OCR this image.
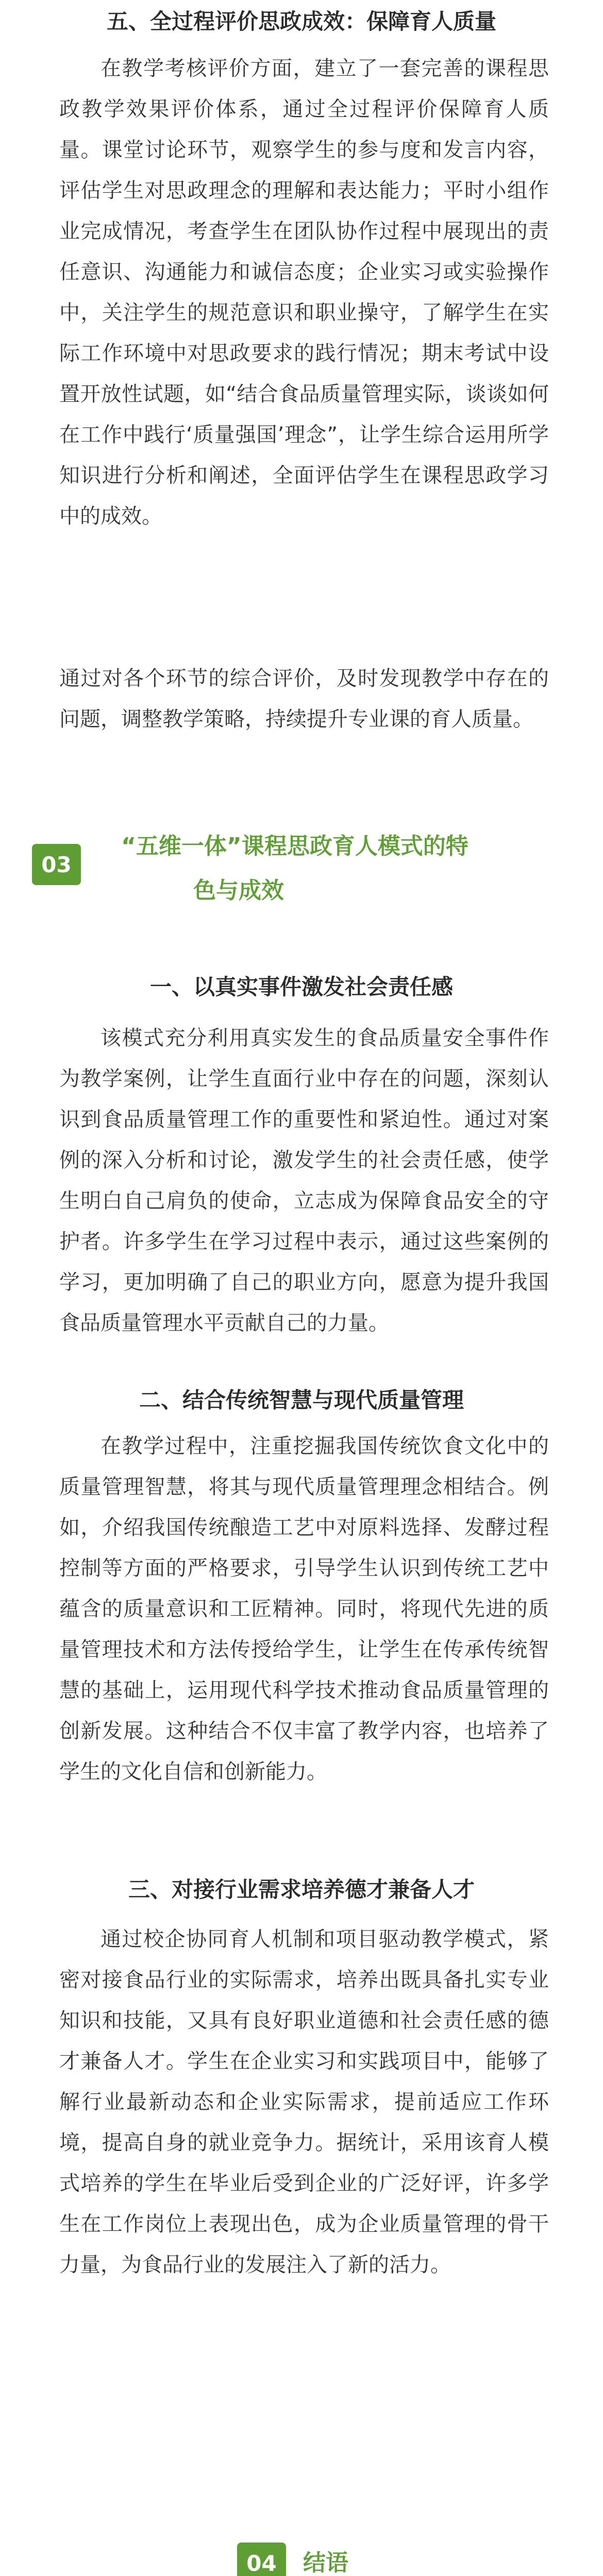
五、全过程评价思政成效：保障育人质量

在教学考核评价方面，建立了一套完善的课程思政教学效果评价体系，通过全过程评价保障育人质量。课堂讨论环节，观察学生的参与度和发言内容，评估学生对思政理念的理解和表达能力；平时小组作业完成情况，考查学生在团队协作过程中展现出的责任意识、沟通能力和诚信态度；企业实习或实验操作中，关注学生的规范意识和职业操守，了解学生在实际工作环境中对思政要求的践行情况；期末考试中设置开放性试题，如“结合食品质量管理实际，谈谈如何在工作中践行‘质量强国’理念”，让学生综合运用所学知识进行分析和阐述，全面评估学生在课程思政学习中的成效。

通过对各个环节的综合评价，及时发现教学中存在的问题，调整教学策略，持续提升专业课的育人质量。

03
“五维一体”课程思政育人模式的特
色与成效
一、以真实事件激发社会责任感

该模式充分利用真实发生的食品质量安全事件作为教学案例，让学生直面行业中存在的问题，深刻认识到食品质量管理工作的重要性和紧迫性。通过对案例的深入分析和讨论，激发学生的社会责任感，使学生明白自己肩负的使命，立志成为保障食品安全的守护者。许多学生在学习过程中表示，通过这些案例的学习，更加明确了自己的职业方向，愿意为提升我国食品质量管理水平贡献自己的力量。

二、结合传统智慧与现代质量管理

在教学过程中，注重挖掘我国传统饮食文化中的质量管理智慧，将其与现代质量管理理念相结合。例如，介绍我国传统酿造工艺中对原料选择、发酵过程控制等方面的严格要求，引导学生认识到传统工艺中蕴含的质量意识和工匠精神。同时，将现代先进的质量管理技术和方法传授给学生，让学生在传承传统智慧的基础上，运用现代科学技术推动食品质量管理的创新发展。这种结合不仅丰富了教学内容，也培养了学生的文化自信和创新能力。

三、对接行业需求培养德才兼备人才

通过校企协同育人机制和项目驱动教学模式，紧密对接食品行业的实际需求，培养出既具备扎实专业知识和技能，又具有良好职业道德和社会责任感的德才兼备人才。学生在企业实习和实践项目中，能够了解行业最新动态和企业实际需求，提前适应工作环境，提高自身的就业竞争力。据统计，采用该育人模式培养的学生在毕业后受到企业的广泛好评，许多学生在工作岗位上表现出色，成为企业质量管理的骨干力量，为食品行业的发展注入了新的活力。

04	结语
